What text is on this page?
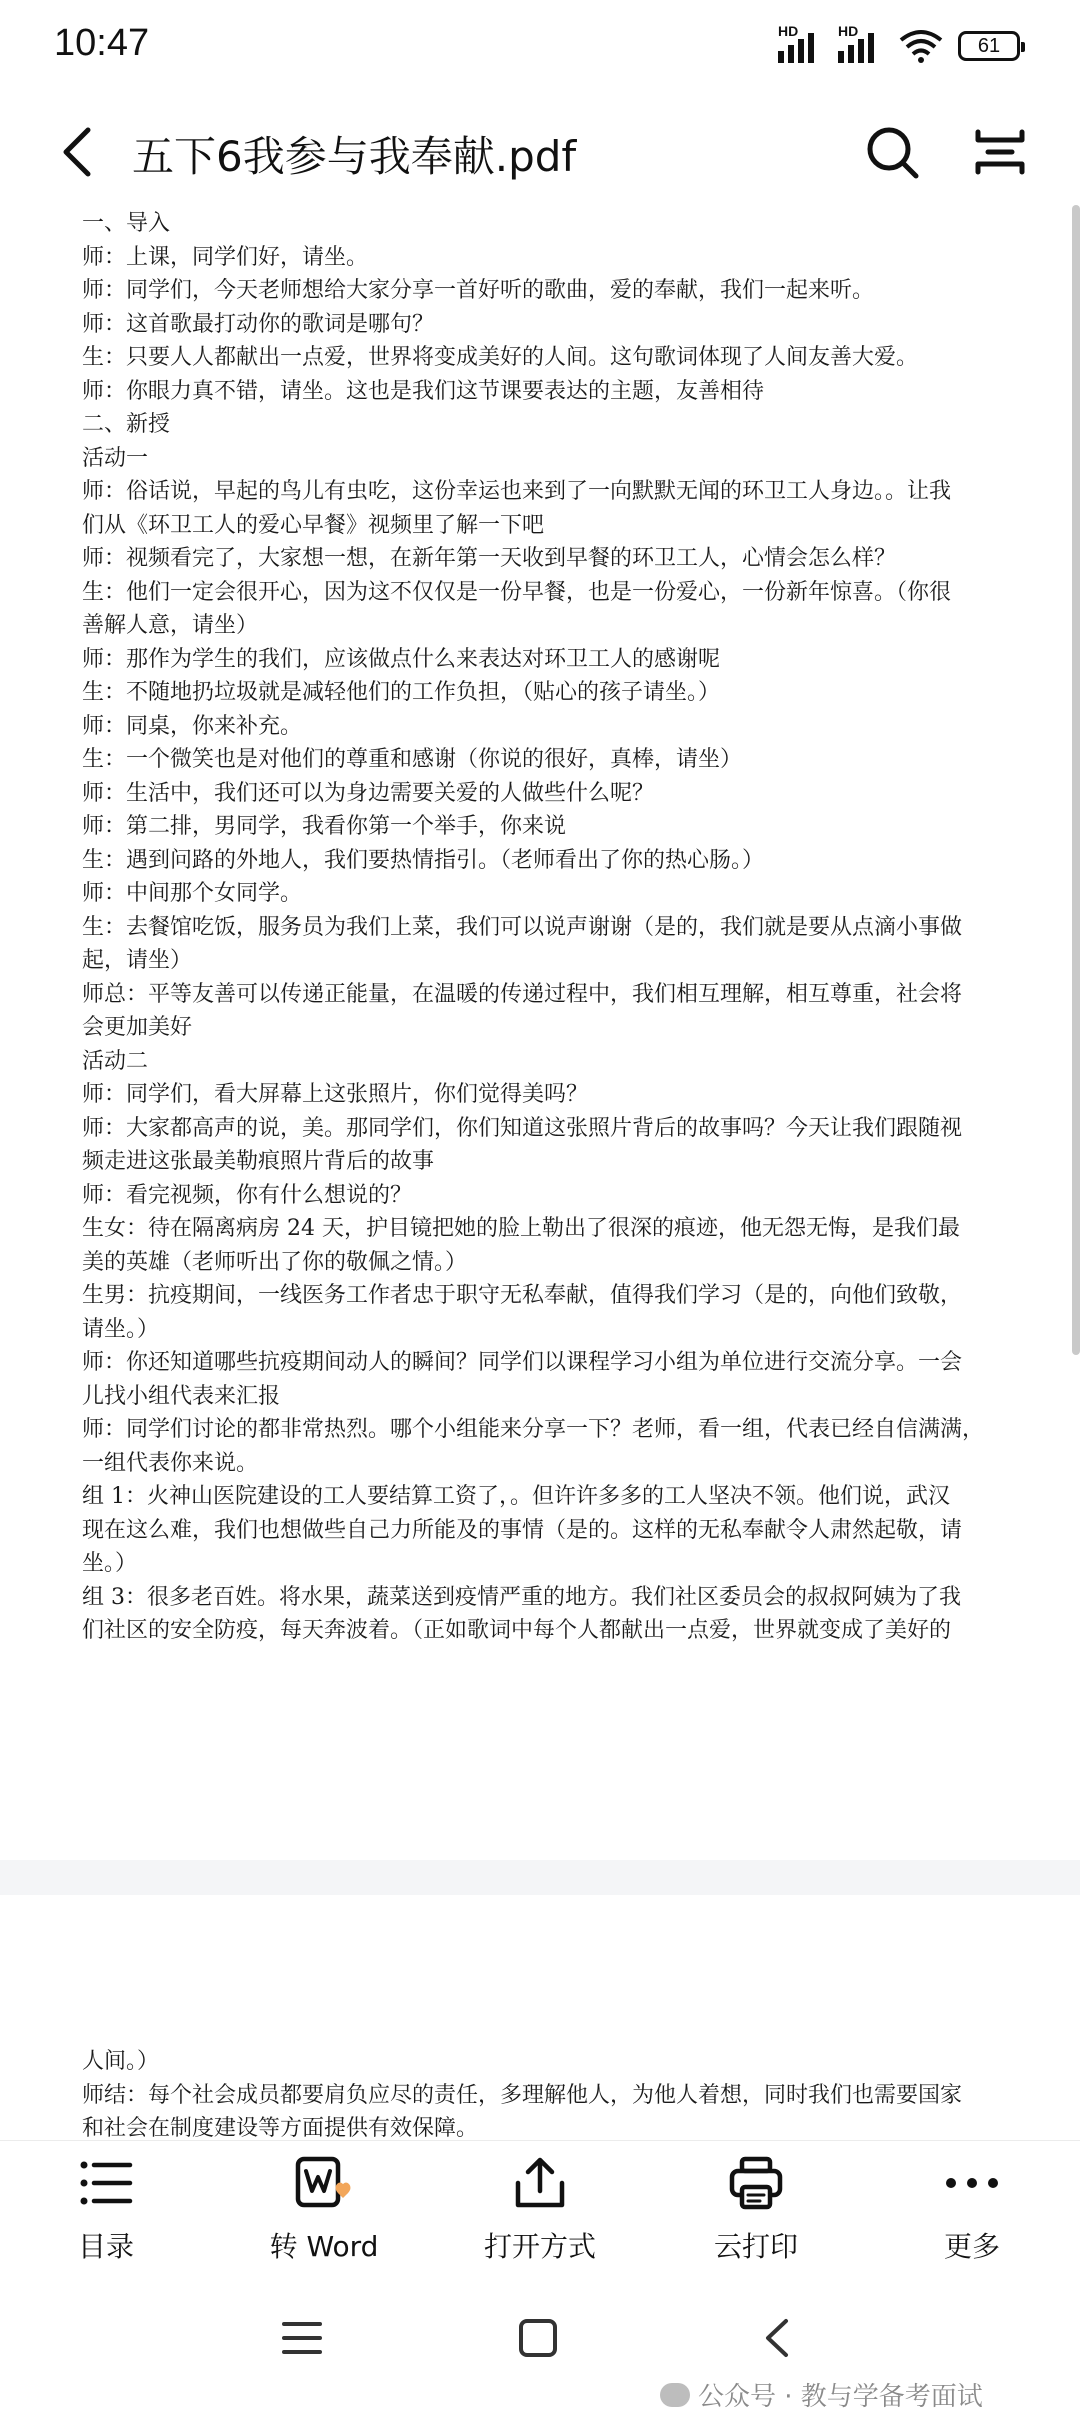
10:47	HD	HD
61
五下6我参与我奉献.pdf
一、导入
师：上课，同学们好，请坐。
师：同学们，今天老师想给大家分享一首好听的歌曲，爱的奉献，我们一起来听。
师：这首歌最打动你的歌词是哪句？
生：只要人人都献出一点爱，世界将变成美好的人间。这句歌词体现了人间友善大爱。
师：你眼力真不错，请坐。这也是我们这节课要表达的主题，友善相待
二、新授
活动一
师：俗话说，早起的鸟儿有虫吃，这份幸运也来到了一向默默无闻的环卫工人身边。。让我
们从《环卫工人的爱心早餐》视频里了解一下吧
师：视频看完了，大家想一想，在新年第一天收到早餐的环卫工人，心情会怎么样？
生：他们一定会很开心，因为这不仅仅是一份早餐，也是一份爱心，一份新年惊喜。（你很
善解人意，请坐）
师：那作为学生的我们，应该做点什么来表达对环卫工人的感谢呢
生：不随地扔垃圾就是减轻他们的工作负担，（贴心的孩子请坐。）
师：同桌，你来补充。
生：一个微笑也是对他们的尊重和感谢（你说的很好，真棒，请坐）
师：生活中，我们还可以为身边需要关爱的人做些什么呢？
师：第二排，男同学，我看你第一个举手，你来说
生：遇到问路的外地人，我们要热情指引。（老师看出了你的热心肠。）
师：中间那个女同学。
生：去餐馆吃饭，服务员为我们上菜，我们可以说声谢谢（是的，我们就是要从点滴小事做
起，请坐）
师总：平等友善可以传递正能量，在温暖的传递过程中，我们相互理解，相互尊重，社会将
会更加美好
活动二
师：同学们，看大屏幕上这张照片，你们觉得美吗？
师：大家都高声的说，美。那同学们，你们知道这张照片背后的故事吗？今天让我们跟随视
频走进这张最美勒痕照片背后的故事
师：看完视频，你有什么想说的？
生女：待在隔离病房 24 天，护目镜把她的脸上勒出了很深的痕迹，他无怨无悔，是我们最
美的英雄（老师听出了你的敬佩之情。）
生男：抗疫期间，一线医务工作者忠于职守无私奉献，值得我们学习（是的，向他们致敬，
请坐。）
师：你还知道哪些抗疫期间动人的瞬间？同学们以课程学习小组为单位进行交流分享。一会
儿找小组代表来汇报
师：同学们讨论的都非常热烈。哪个小组能来分享一下？老师，看一组，代表已经自信满满，
一组代表你来说。
组 1：火神山医院建设的工人要结算工资了，。但许许多多的工人坚决不领。他们说，武汉
现在这么难，我们也想做些自己力所能及的事情（是的。这样的无私奉献令人肃然起敬，请
坐。）
组 3：很多老百姓。将水果，蔬菜送到疫情严重的地方。我们社区委员会的叔叔阿姨为了我
们社区的安全防疫，每天奔波着。（正如歌词中每个人都献出一点爱，世界就变成了美好的
人间。）
师结：每个社会成员都要肩负应尽的责任，多理解他人，为他人着想，同时我们也需要国家
和社会在制度建设等方面提供有效保障。
目录	转 Word	打开方式	云打印	更多
公众号 · 教与学备考面试
